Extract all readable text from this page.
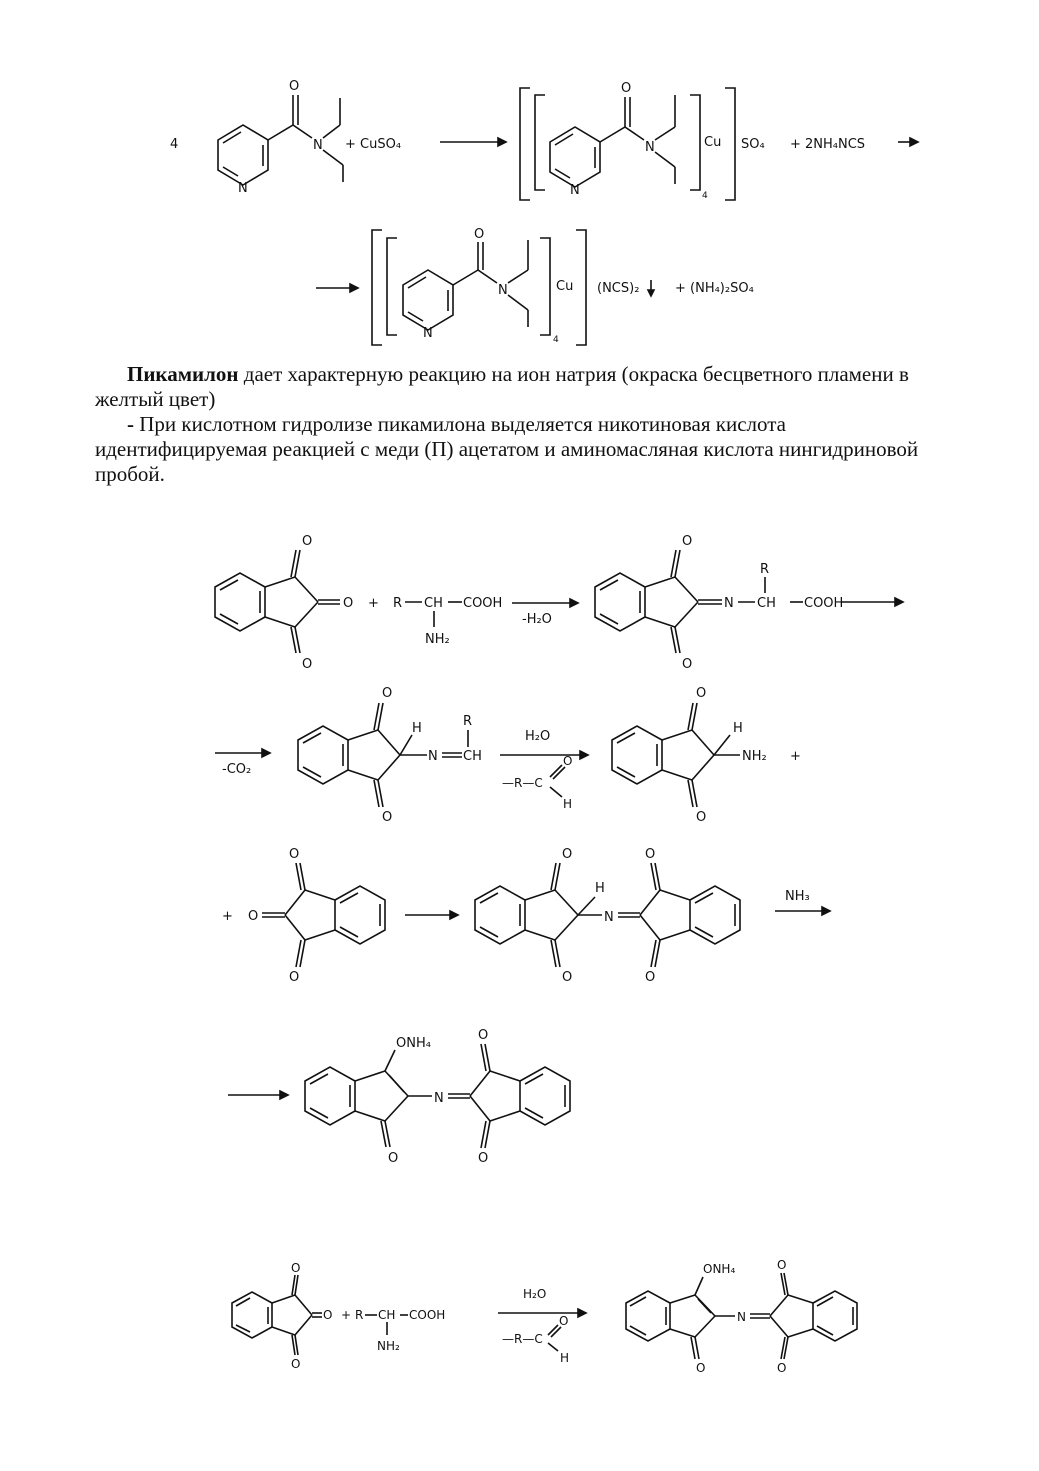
4
N
O
N + CuSO₄
N
O
N	Cu
4
SO₄ + 2NH₄NCS
N
O
N	Cu
4
(NCS)₂	+ (NH₄)₂SO₄

Пикамилон дает характерную реакцию на ион натрия (окраска бесцветного пламени в желтый цвет)

- При кислотном гидролизе пикамилона выделяется никотиновая кислота идентифицируемая реакцией с меди (П) ацетатом и аминомасляная кислота нингидриновой пробой.

O
O
O + R CH COOH
NH₂
-H₂O
O
O
N
R
CH COOH
-CO₂
O
O
H
N
R
CH
H₂O
—R—C
O
H
O
O
H
NH₂ +
+ O
O
O
O
O
H
N
O
O
NH₃
ONH₄
O
N
O
O
O
O
O + R CH COOH
NH₂
H₂O
—R—C
O
H
ONH₄
O
N
O
O
